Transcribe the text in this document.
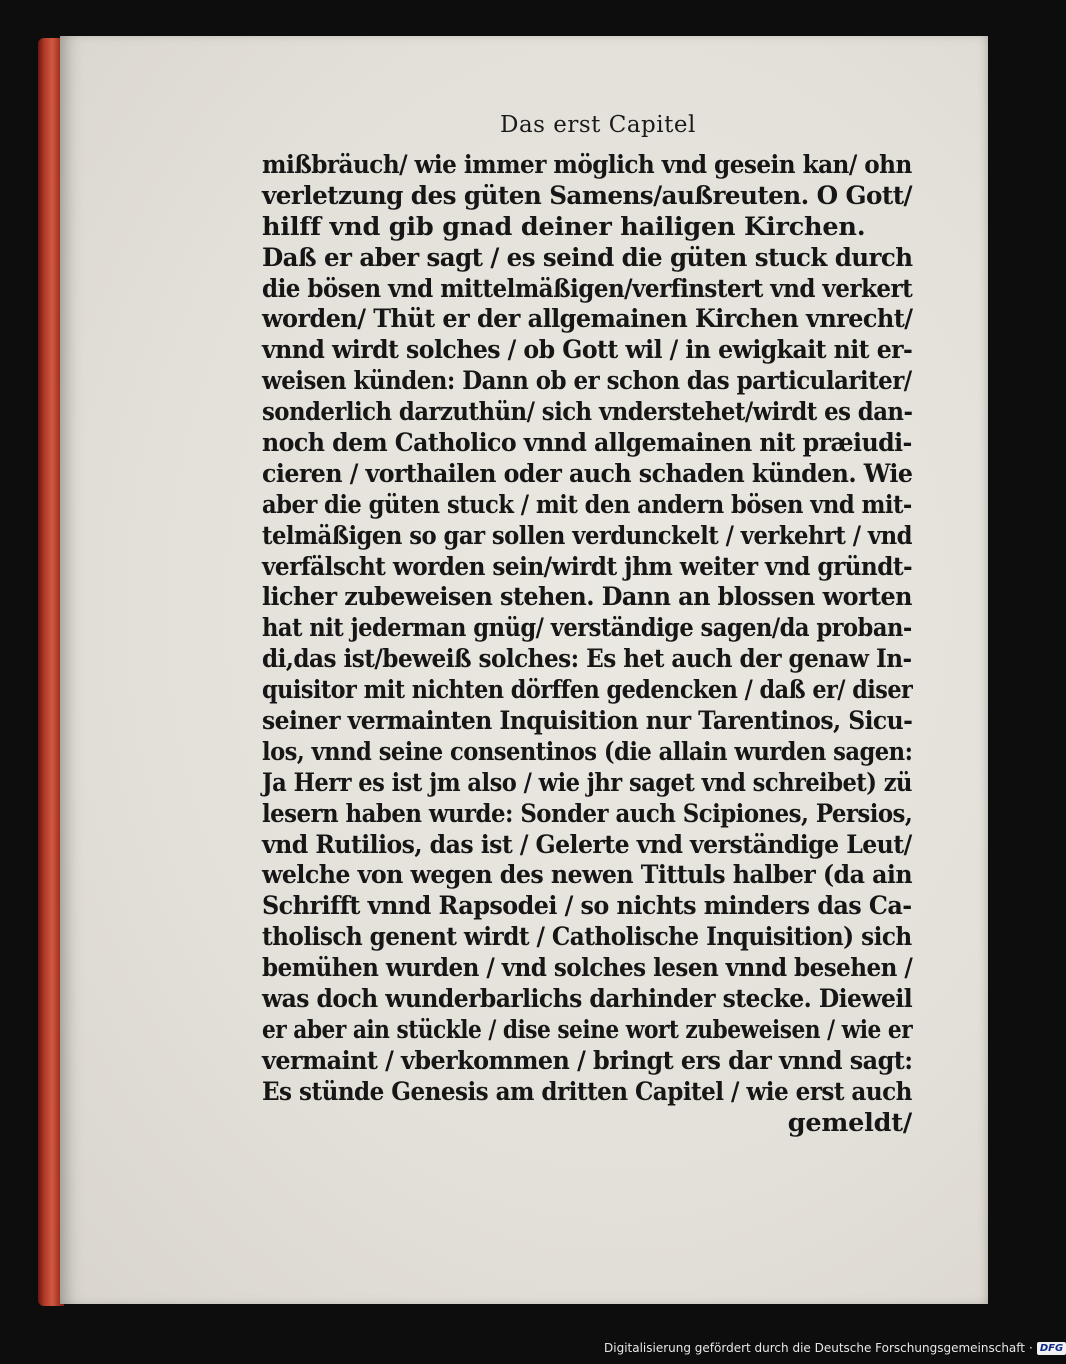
Das erst Capitel
mißbräuch/ wie immer möglich vnd gesein kan/ ohn
verletzung des güten Samens/außreuten. O Gott/
hilff vnd gib gnad deiner hailigen Kirchen.
Daß er aber sagt / es seind die güten stuck durch
die bösen vnd mittelmäßigen/verfinstert vnd verkert
worden/ Thüt er der allgemainen Kirchen vnrecht/
vnnd wirdt solches / ob Gott wil / in ewigkait nit er-
weisen künden: Dann ob er schon das particulariter/
sonderlich darzuthün/ sich vnderstehet/wirdt es dan-
noch dem Catholico vnnd allgemainen nit præiudi-
cieren / vorthailen oder auch schaden künden. Wie
aber die güten stuck / mit den andern bösen vnd mit-
telmäßigen so gar sollen verdunckelt / verkehrt / vnd
verfälscht worden sein/wirdt jhm weiter vnd gründt-
licher zubeweisen stehen. Dann an blossen worten
hat nit jederman gnüg/ verständige sagen/da proban-
di,das ist/beweiß solches: Es het auch der genaw In-
quisitor mit nichten dörffen gedencken / daß er/ diser
seiner vermainten Inquisition nur Tarentinos, Sicu-
los, vnnd seine consentinos (die allain wurden sagen:
Ja Herr es ist jm also / wie jhr saget vnd schreibet) zü
lesern haben wurde: Sonder auch Scipiones, Persios,
vnd Rutilios, das ist / Gelerte vnd verständige Leut/
welche von wegen des newen Tittuls halber (da ain
Schrifft vnnd Rapsodei / so nichts minders das Ca-
tholisch genent wirdt / Catholische Inquisition) sich
bemühen wurden / vnd solches lesen vnnd besehen /
was doch wunderbarlichs darhinder stecke. Dieweil
er aber ain stückle / dise seine wort zubeweisen / wie er
vermaint / vberkommen / bringt ers dar vnnd sagt:
Es stünde Genesis am dritten Capitel / wie erst auch
gemeldt/
Digitalisierung gefördert durch die Deutsche Forschungsgemeinschaft · DFG
